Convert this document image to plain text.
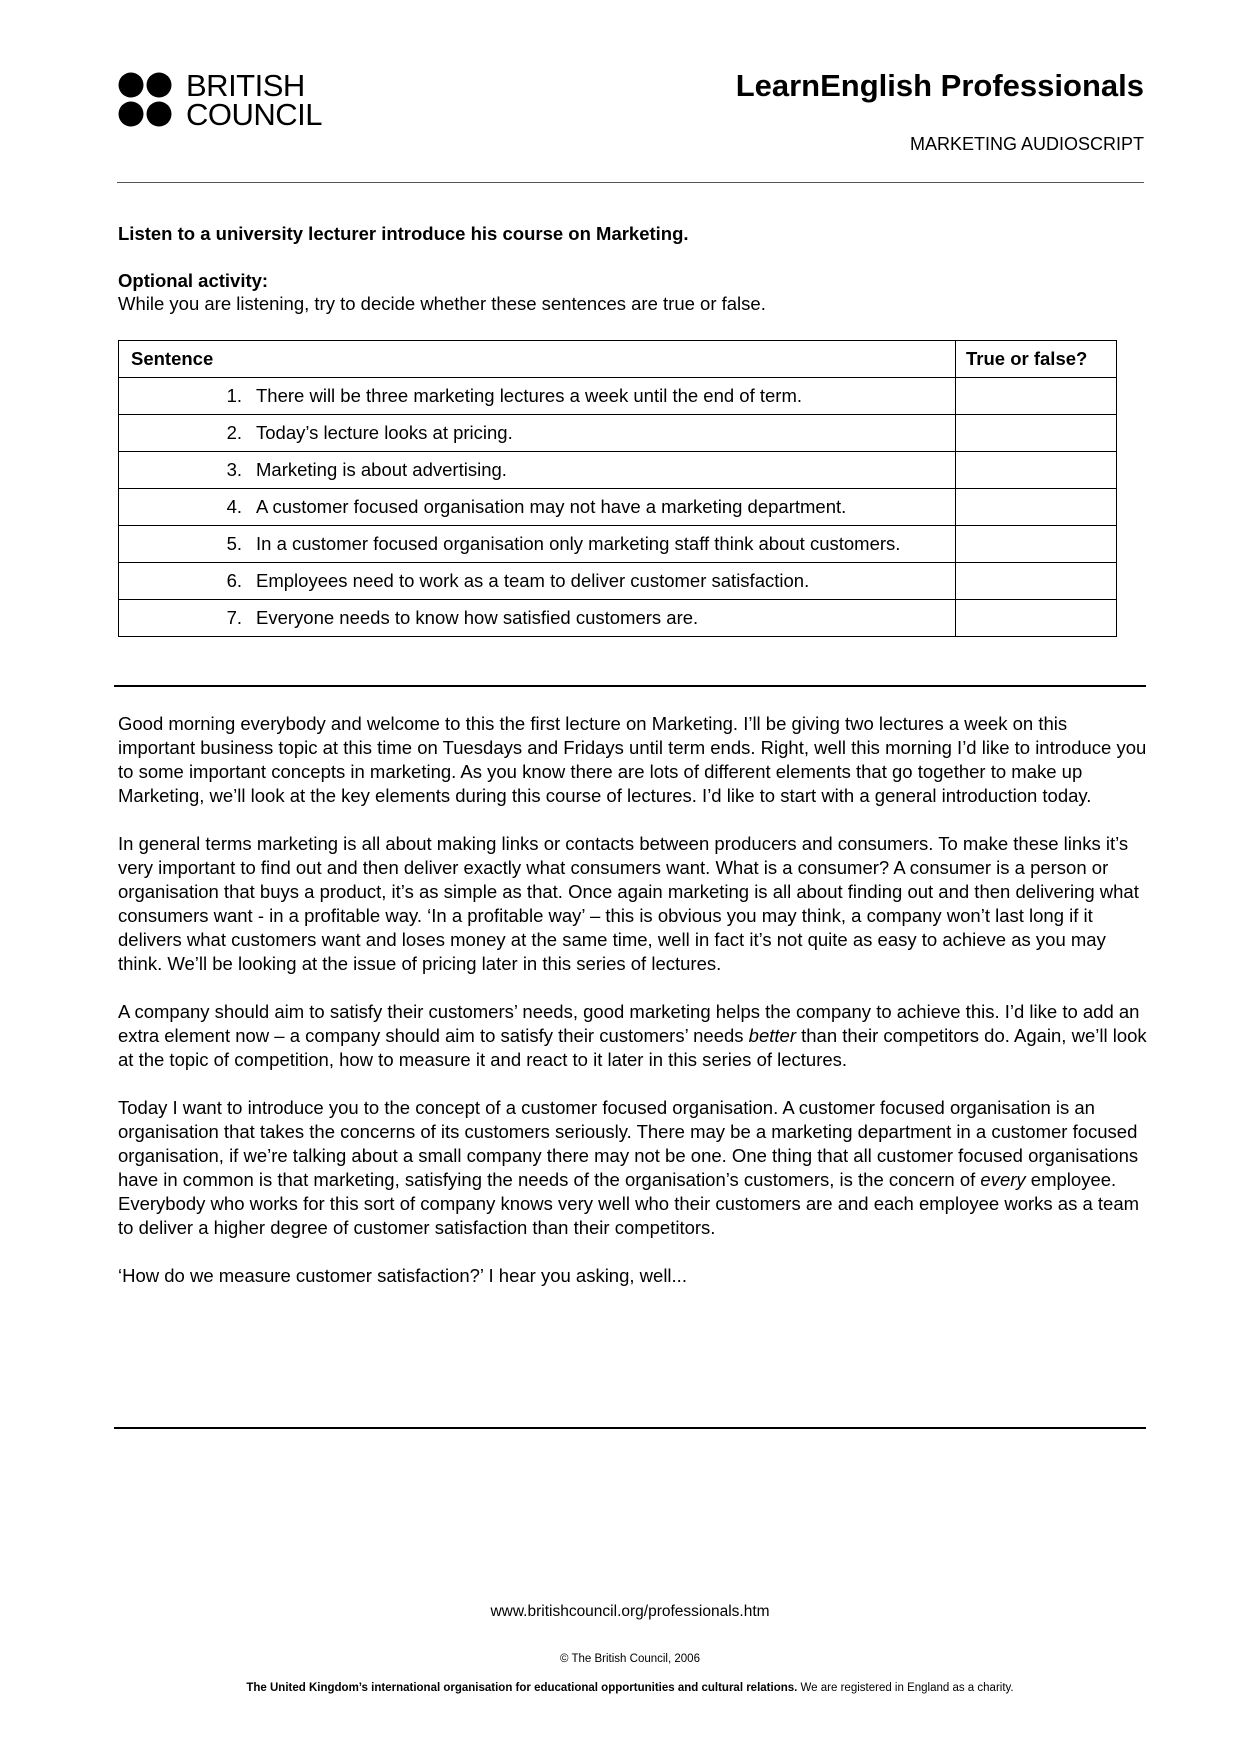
BRITISH
COUNCIL
LearnEnglish Professionals
MARKETING AUDIOSCRIPT
Listen to a university lecturer introduce his course on Marketing.
Optional activity:
While you are listening, try to decide whether these sentences are true or false.
Sentence	True or false?
1. There will be three marketing lectures a week until the end of term.	
2. Today’s lecture looks at pricing.	
3. Marketing is about advertising.	
4. A customer focused organisation may not have a marketing department.	
5. In a customer focused organisation only marketing staff think about customers.	
6. Employees need to work as a team to deliver customer satisfaction.	
7. Everyone needs to know how satisfied customers are.	

Good morning everybody and welcome to this the first lecture on Marketing. I’ll be giving two lectures a week on this important business topic at this time on Tuesdays and Fridays until term ends. Right, well this morning I’d like to introduce you to some important concepts in marketing. As you know there are lots of different elements that go together to make up Marketing, we’ll look at the key elements during this course of lectures. I’d like to start with a general introduction today.

In general terms marketing is all about making links or contacts between producers and consumers. To make these links it’s very important to find out and then deliver exactly what consumers want. What is a consumer? A consumer is a person or organisation that buys a product, it’s as simple as that. Once again marketing is all about finding out and then delivering what consumers want - in a profitable way. ‘In a profitable way’ – this is obvious you may think, a company won’t last long if it delivers what customers want and loses money at the same time, well in fact it’s not quite as easy to achieve as you may think. We’ll be looking at the issue of pricing later in this series of lectures.

A company should aim to satisfy their customers’ needs, good marketing helps the company to achieve this. I’d like to add an extra element now – a company should aim to satisfy their customers’ needs better than their competitors do. Again, we’ll look at the topic of competition, how to measure it and react to it later in this series of lectures.

Today I want to introduce you to the concept of a customer focused organisation. A customer focused organisation is an organisation that takes the concerns of its customers seriously. There may be a marketing department in a customer focused organisation, if we’re talking about a small company there may not be one. One thing that all customer focused organisations have in common is that marketing, satisfying the needs of the organisation’s customers, is the concern of every employee. Everybody who works for this sort of company knows very well who their customers are and each employee works as a team to deliver a higher degree of customer satisfaction than their competitors.

‘How do we measure customer satisfaction?’ I hear you asking, well...

www.britishcouncil.org/professionals.htm
© The British Council, 2006
The United Kingdom’s international organisation for educational opportunities and cultural relations. We are registered in England as a charity.
